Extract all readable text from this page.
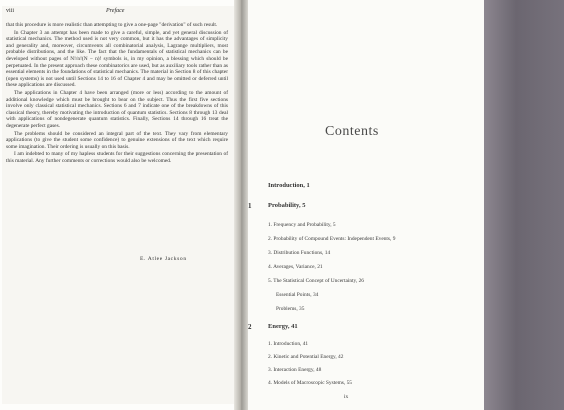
viii	Preface

that this procedure is more realistic than attempting to give a one-page "derivation" of such result.

In Chapter 3 an attempt has been made to give a careful, simple, and yet general discussion of statistical mechanics. The method used is not very common, but it has the advantages of simplicity and generality and, moreover, circumvents all combinatorial analysis, Lagrange multipliers, most probable distributions, and the like. The fact that the fundamentals of statistical mechanics can be developed without pages of N!/n!(N − n)! symbols is, in my opinion, a blessing which should be perpetuated. In the present approach these combinatorics are used, but as auxiliary tools rather than as essential elements in the foundations of statistical mechanics. The material in Section 8 of this chapter (open systems) is not used until Sections 14 to 16 of Chapter 4 and may be omitted or deferred until these applications are discussed.

The applications in Chapter 4 have been arranged (more or less) according to the amount of additional knowledge which must be brought to bear on the subject. Thus the first five sections involve only classical statistical mechanics. Sections 6 and 7 indicate one of the breakdowns of this classical theory, thereby motivating the introduction of quantum statistics. Sections 8 through 13 deal with applications of nondegenerate quantum statistics. Finally, Sections 14 through 16 treat the degenerate perfect gases.

The problems should be considered an integral part of the text. They vary from elementary applications (to give the student some confidence) to genuine extensions of the text which require some imagination. Their ordering is usually on this basis.

I am indebted to many of my hapless students for their suggestions concerning the presentation of this material. Any further comments or corrections would also be welcomed.

E. Atlee Jackson
Contents
Introduction, 1
1	Probability, 5
1. Frequency and Probability, 5
2. Probability of Compound Events: Independent Events, 9
3. Distribution Functions, 14
4. Averages, Variance, 21
5. The Statistical Concept of Uncertainty, 26
Essential Points, 34
Problems, 35
2	Energy, 41
1. Introduction, 41
2. Kinetic and Potential Energy, 42
3. Interaction Energy, 48
4. Models of Macroscopic Systems, 55
ix
